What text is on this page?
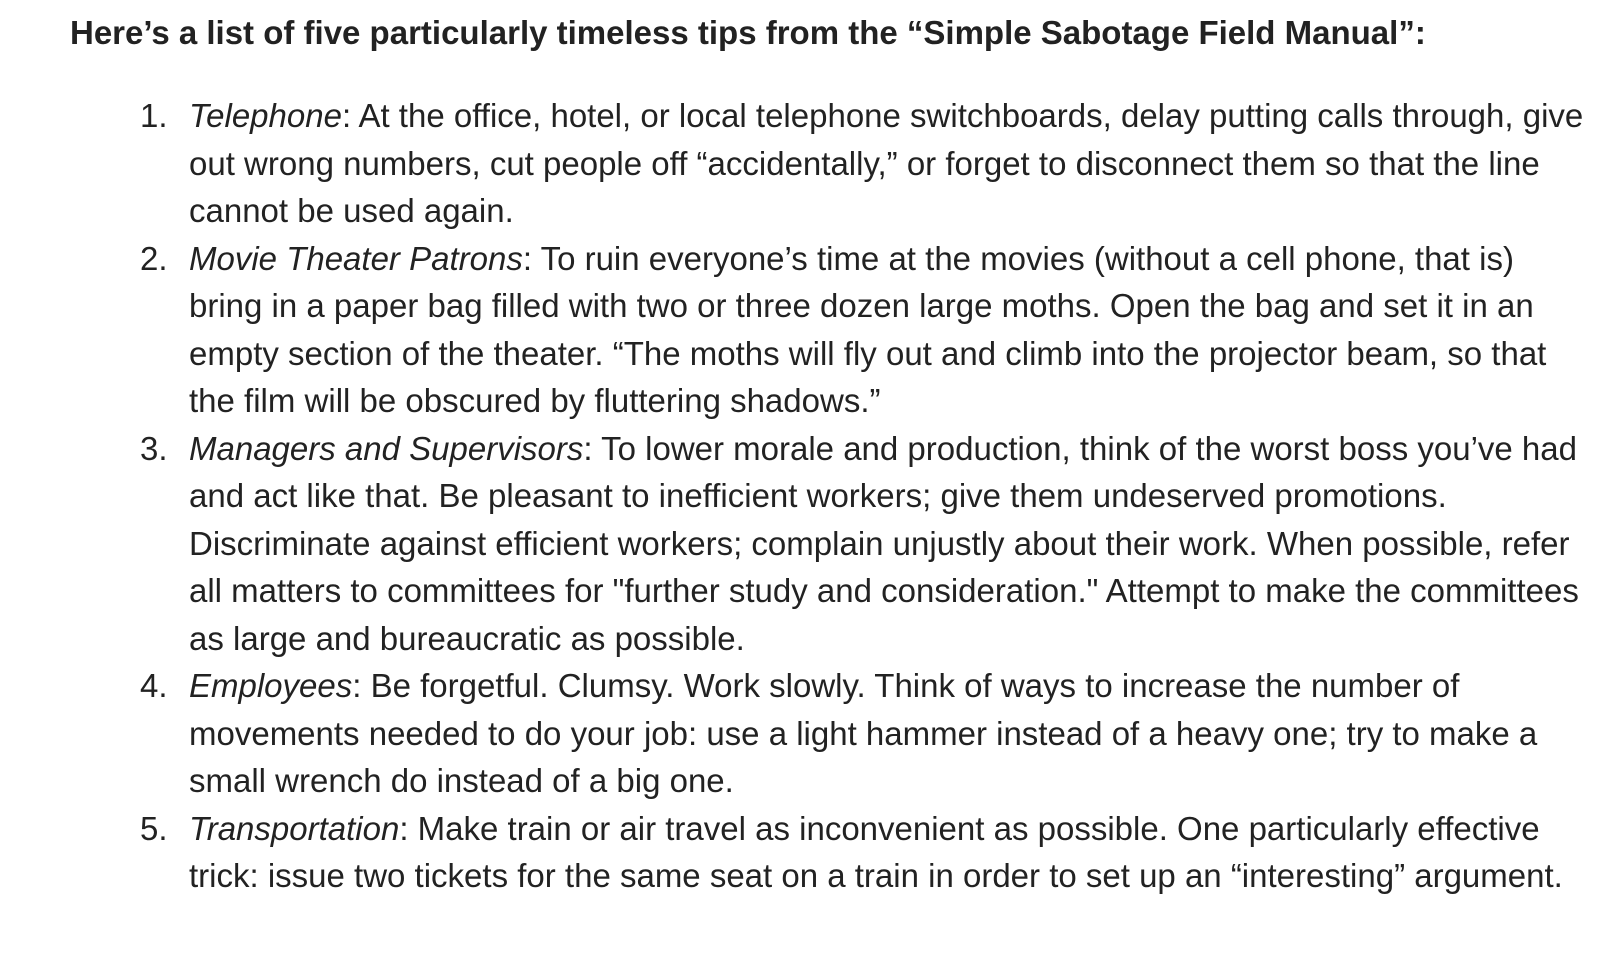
Here’s a list of five particularly timeless tips from the “Simple Sabotage Field Manual”:
1. Telephone: At the office, hotel, or local telephone switchboards, delay putting calls through, give out wrong numbers, cut people off “accidentally,” or forget to disconnect them so that the line cannot be used again.
2. Movie Theater Patrons: To ruin everyone’s time at the movies (without a cell phone, that is) bring in a paper bag filled with two or three dozen large moths. Open the bag and set it in an empty section of the theater. “The moths will fly out and climb into the projector beam, so that the film will be obscured by fluttering shadows.”
3. Managers and Supervisors: To lower morale and production, think of the worst boss you’ve had and act like that. Be pleasant to inefficient workers; give them undeserved promotions. Discriminate against efficient workers; complain unjustly about their work. When possible, refer all matters to committees for "further study and consideration." Attempt to make the committees as large and bureaucratic as possible.
4. Employees: Be forgetful. Clumsy. Work slowly. Think of ways to increase the number of movements needed to do your job: use a light hammer instead of a heavy one; try to make a small wrench do instead of a big one.
5. Transportation: Make train or air travel as inconvenient as possible. One particularly effective trick: issue two tickets for the same seat on a train in order to set up an “interesting” argument.
